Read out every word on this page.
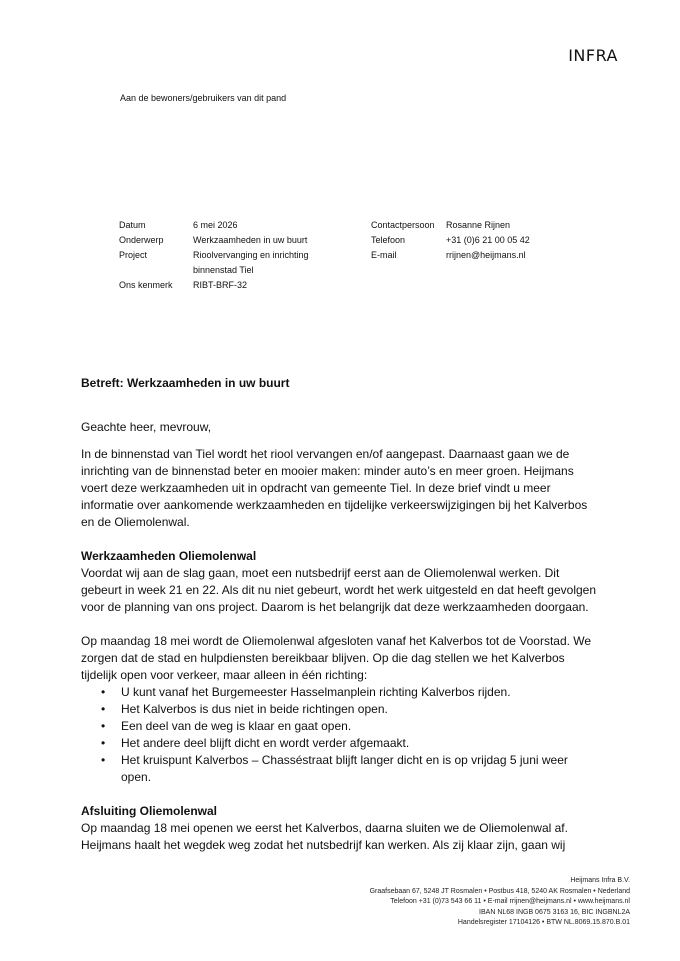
INFRA
Aan de bewoners/gebruikers van dit pand
Datum	6 mei 2026
Onderwerp	Werkzaamheden in uw buurt
Project	Rioolvervanging en inrichting binnenstad Tiel
Ons kenmerk	RIBT-BRF-32
Contactpersoon	Rosanne Rijnen
Telefoon	+31 (0)6 21 00 05 42
E-mail	rrijnen@heijmans.nl

Betreft: Werkzaamheden in uw buurt

Geachte heer, mevrouw,

In de binnenstad van Tiel wordt het riool vervangen en/of aangepast. Daarnaast gaan we de inrichting van de binnenstad beter en mooier maken: minder auto’s en meer groen. Heijmans voert deze werkzaamheden uit in opdracht van gemeente Tiel. In deze brief vindt u meer informatie over aankomende werkzaamheden en tijdelijke verkeerswijzigingen bij het Kalverbos en de Oliemolenwal.

Werkzaamheden Oliemolenwal

Voordat wij aan de slag gaan, moet een nutsbedrijf eerst aan de Oliemolenwal werken. Dit gebeurt in week 21 en 22. Als dit nu niet gebeurt, wordt het werk uitgesteld en dat heeft gevolgen voor de planning van ons project. Daarom is het belangrijk dat deze werkzaamheden doorgaan.

Op maandag 18 mei wordt de Oliemolenwal afgesloten vanaf het Kalverbos tot de Voorstad. We zorgen dat de stad en hulpdiensten bereikbaar blijven. Op die dag stellen we het Kalverbos tijdelijk open voor verkeer, maar alleen in één richting:

• U kunt vanaf het Burgemeester Hasselmanplein richting Kalverbos rijden.
• Het Kalverbos is dus niet in beide richtingen open.
• Een deel van de weg is klaar en gaat open.
• Het andere deel blijft dicht en wordt verder afgemaakt.
• Het kruispunt Kalverbos – Chasséstraat blijft langer dicht en is op vrijdag 5 juni weer open.
Afsluiting Oliemolenwal

Op maandag 18 mei openen we eerst het Kalverbos, daarna sluiten we de Oliemolenwal af. Heijmans haalt het wegdek weg zodat het nutsbedrijf kan werken. Als zij klaar zijn, gaan wij

Heijmans Infra B.V.
Graafsebaan 67, 5248 JT Rosmalen • Postbus 418, 5240 AK Rosmalen • Nederland
Telefoon +31 (0)73 543 66 11 • E-mail rrijnen@heijmans.nl • www.heijmans.nl
IBAN NL68 INGB 0675 3163 16, BIC INGBNL2A
Handelsregister 17104126 • BTW NL.8069.15.870.B.01
